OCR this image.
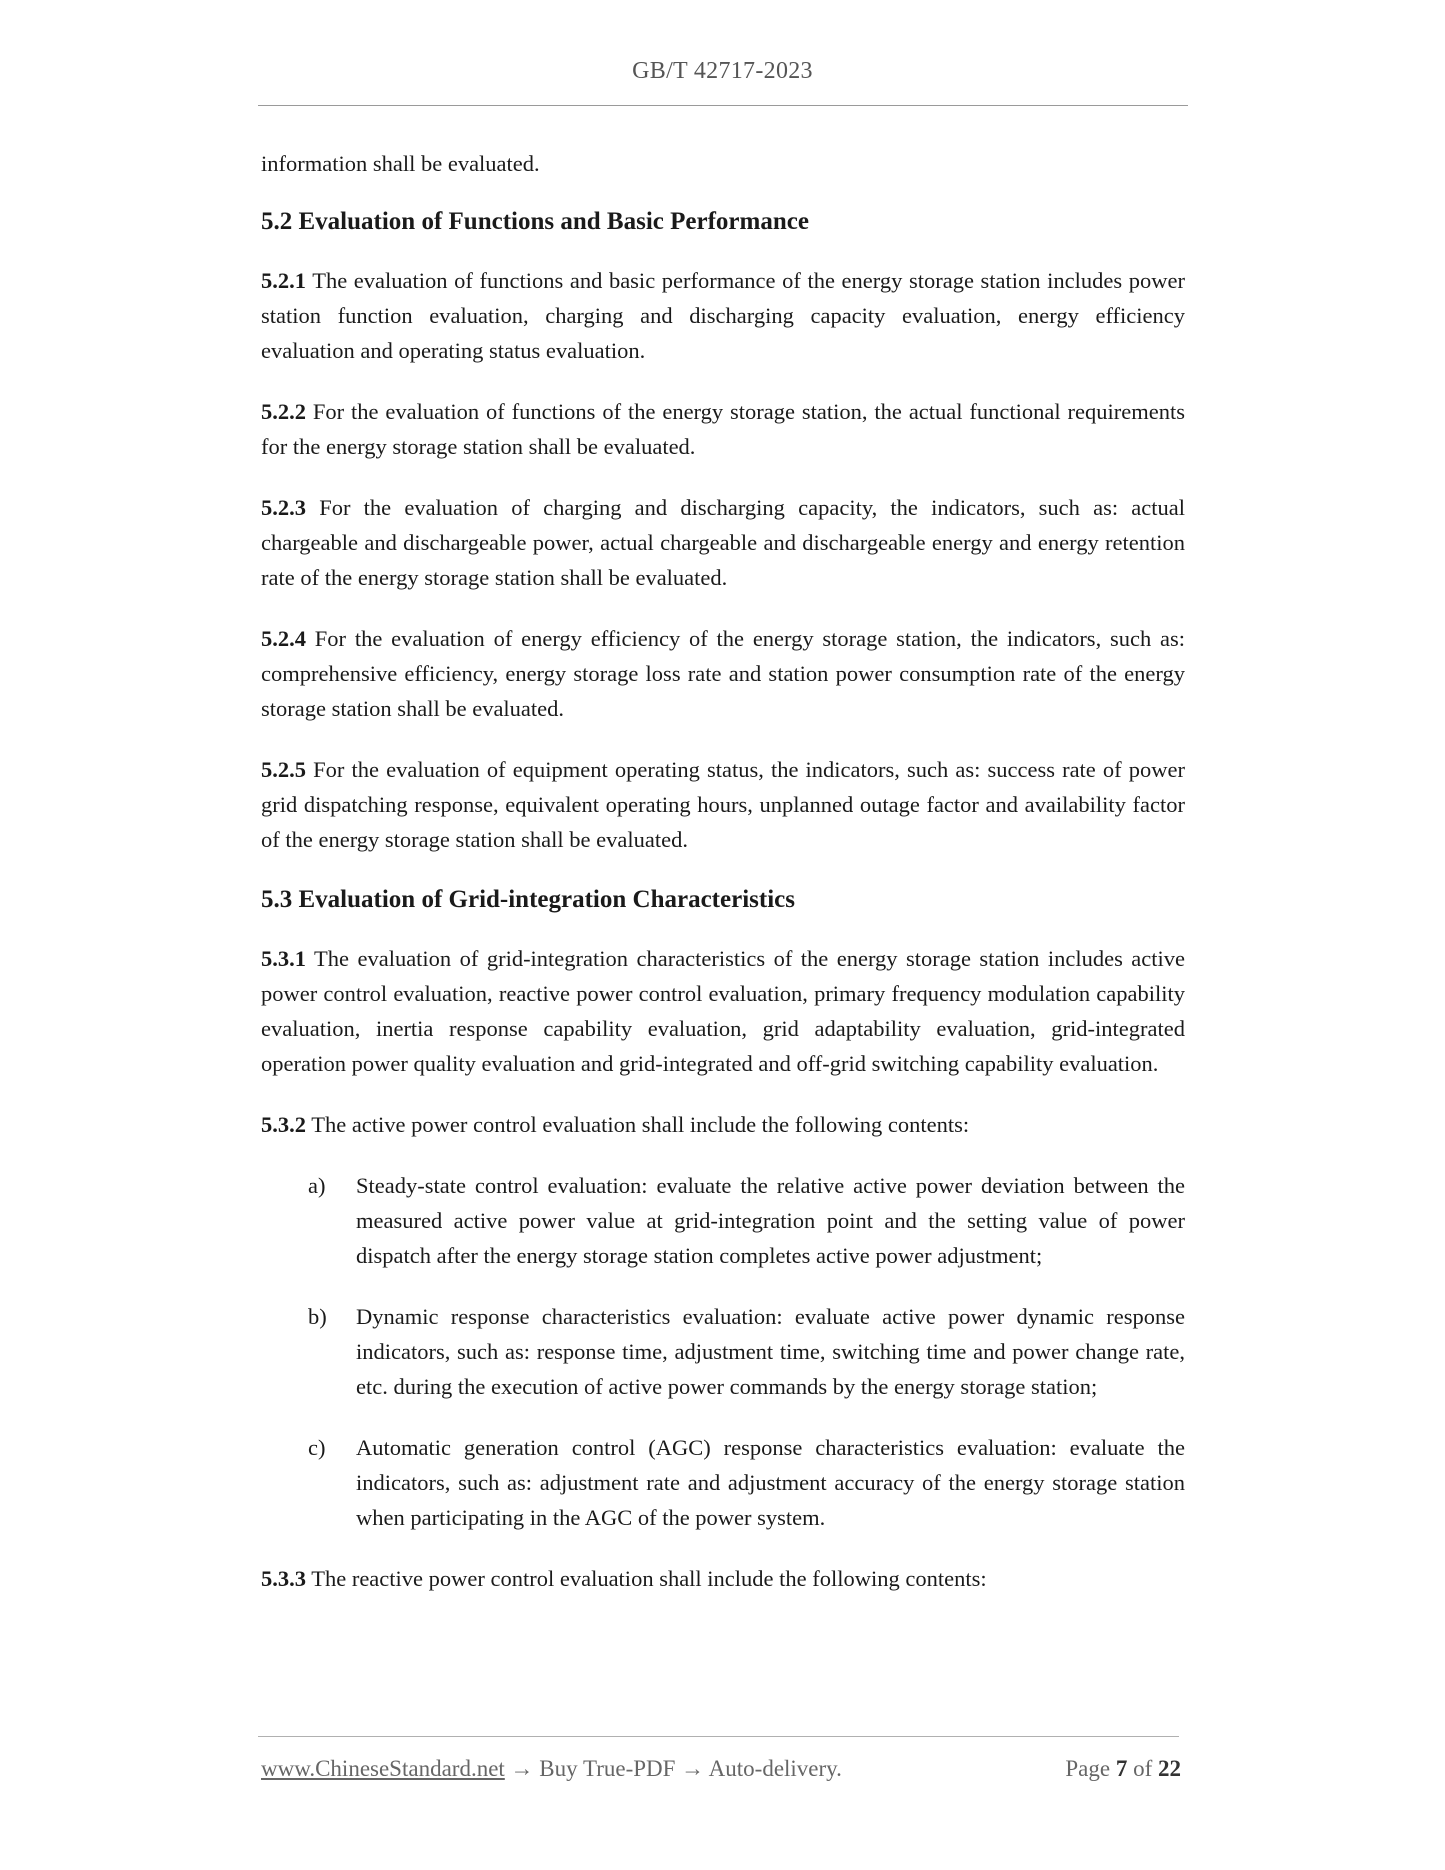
GB/T 42717-2023

information shall be evaluated.

5.2 Evaluation of Functions and Basic Performance

5.2.1 The evaluation of functions and basic performance of the energy storage station includes power station function evaluation, charging and discharging capacity evaluation, energy efficiency evaluation and operating status evaluation.

5.2.2 For the evaluation of functions of the energy storage station, the actual functional requirements for the energy storage station shall be evaluated.

5.2.3 For the evaluation of charging and discharging capacity, the indicators, such as: actual chargeable and dischargeable power, actual chargeable and dischargeable energy and energy retention rate of the energy storage station shall be evaluated.

5.2.4 For the evaluation of energy efficiency of the energy storage station, the indicators, such as: comprehensive efficiency, energy storage loss rate and station power consumption rate of the energy storage station shall be evaluated.

5.2.5 For the evaluation of equipment operating status, the indicators, such as: success rate of power grid dispatching response, equivalent operating hours, unplanned outage factor and availability factor of the energy storage station shall be evaluated.

5.3 Evaluation of Grid-integration Characteristics

5.3.1 The evaluation of grid-integration characteristics of the energy storage station includes active power control evaluation, reactive power control evaluation, primary frequency modulation capability evaluation, inertia response capability evaluation, grid adaptability evaluation, grid-integrated operation power quality evaluation and grid-integrated and off-grid switching capability evaluation.

5.3.2 The active power control evaluation shall include the following contents:

a) Steady-state control evaluation: evaluate the relative active power deviation between the measured active power value at grid-integration point and the setting value of power dispatch after the energy storage station completes active power adjustment;
b) Dynamic response characteristics evaluation: evaluate active power dynamic response indicators, such as: response time, adjustment time, switching time and power change rate, etc. during the execution of active power commands by the energy storage station;
c) Automatic generation control (AGC) response characteristics evaluation: evaluate the indicators, such as: adjustment rate and adjustment accuracy of the energy storage station when participating in the AGC of the power system.

5.3.3 The reactive power control evaluation shall include the following contents:

www.ChineseStandard.net → Buy True-PDF → Auto-delivery.	Page 7 of 22
